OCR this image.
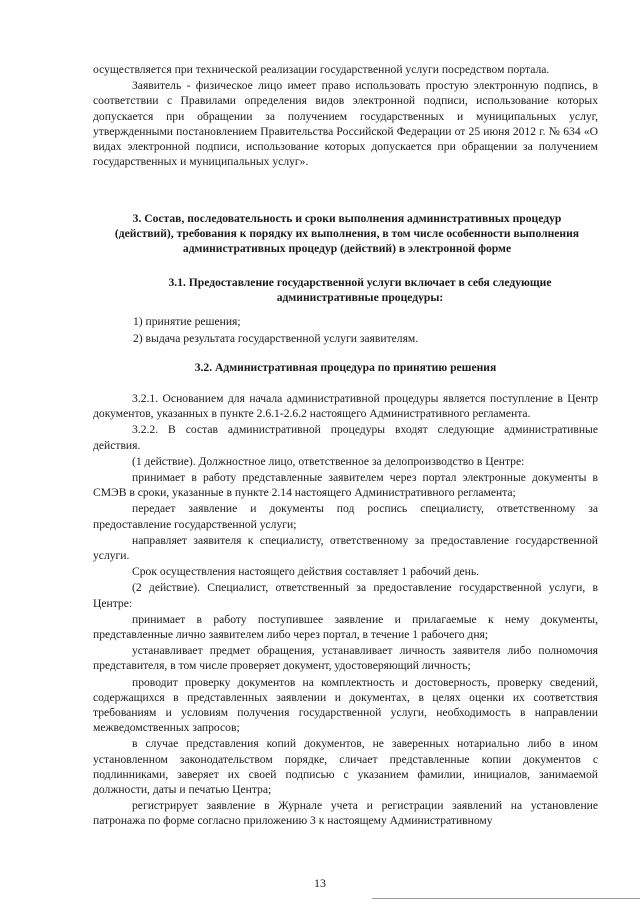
осуществляется при технической реализации государственной услуги посредством портала.

Заявитель - физическое лицо имеет право использовать простую электронную подпись, в соответствии с Правилами определения видов электронной подписи, использование которых допускается при обращении за получением государственных и муниципальных услуг, утвержденными постановлением Правительства Российской Федерации от 25 июня 2012 г. № 634 «О видах электронной подписи, использование которых допускается при обращении за получением государственных и муниципальных услуг».

3. Состав, последовательность и сроки выполнения административных процедур (действий), требования к порядку их выполнения, в том числе особенности выполнения административных процедур (действий) в электронной форме

3.1. Предоставление государственной услуги включает в себя следующие административные процедуры:

1) принятие решения;

2) выдача результата государственной услуги заявителям.

3.2. Административная процедура по принятию решения

3.2.1. Основанием для начала административной процедуры является поступление в Центр документов, указанных в пункте 2.6.1-2.6.2 настоящего Административного регламента.

3.2.2. В состав административной процедуры входят следующие административные действия.

(1 действие). Должностное лицо, ответственное за делопроизводство в Центре:

принимает в работу представленные заявителем через портал электронные документы в СМЭВ в сроки, указанные в пункте 2.14 настоящего Административного регламента;

передает заявление и документы под роспись специалисту, ответственному за предоставление государственной услуги;

направляет заявителя к специалисту, ответственному за предоставление государственной услуги.

Срок осуществления настоящего действия составляет 1 рабочий день.

(2 действие). Специалист, ответственный за предоставление государственной услуги, в Центре:

принимает в работу поступившее заявление и прилагаемые к нему документы, представленные лично заявителем либо через портал, в течение 1 рабочего дня;

устанавливает предмет обращения, устанавливает личность заявителя либо полномочия представителя, в том числе проверяет документ, удостоверяющий личность;

проводит проверку документов на комплектность и достоверность, проверку сведений, содержащихся в представленных заявлении и документах, в целях оценки их соответствия требованиям и условиям получения государственной услуги, необходимость в направлении межведомственных запросов;

в случае представления копий документов, не заверенных нотариально либо в ином установленном законодательством порядке, сличает представленные копии документов с подлинниками, заверяет их своей подписью с указанием фамилии, инициалов, занимаемой должности, даты и печатью Центра;

регистрирует заявление в Журнале учета и регистрации заявлений на установление патронажа по форме согласно приложению 3 к настоящему Административному

13
